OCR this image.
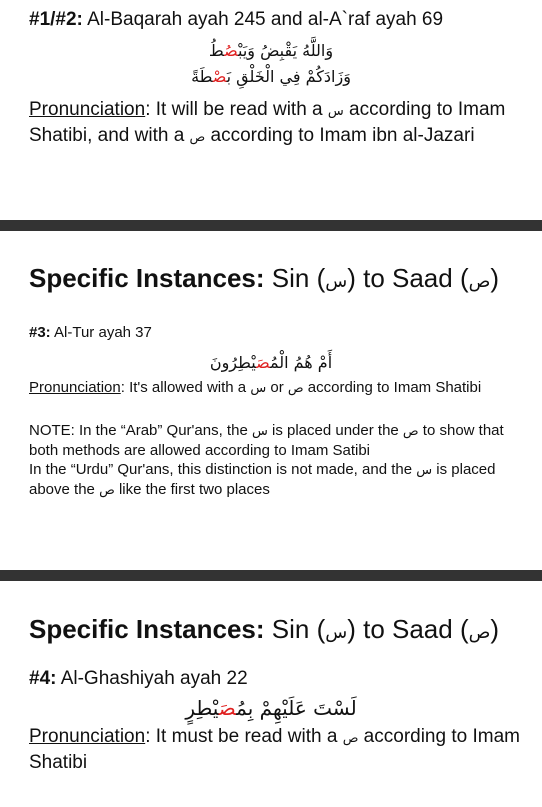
#1/#2: Al-Baqarah ayah 245 and al-A`raf ayah 69
وَاللَّهُ يَقْبِضُ وَيَبْصُطُ
وَزَادَكُمْ فِي الْخَلْقِ بَصْطَةً
Pronunciation: It will be read with a س according to Imam Shatibi, and with a ص according to Imam ibn al-Jazari
Specific Instances: Sin (س) to Saad (ص)
#3: Al-Tur ayah 37
أَمْ هُمُ الْمُصَيْطِرُونَ
Pronunciation: It's allowed with a س or ص according to Imam Shatibi
NOTE: In the “Arab” Qur'ans, the س is placed under the ص to show that both methods are allowed according to Imam Satibi
In the “Urdu” Qur'ans, this distinction is not made, and the س is placed above the ص like the first two places
Specific Instances: Sin (س) to Saad (ص)
#4: Al-Ghashiyah ayah 22
لَسْتَ عَلَيْهِمْ بِمُصَيْطِرٍ
Pronunciation: It must be read with a ص according to Imam Shatibi
